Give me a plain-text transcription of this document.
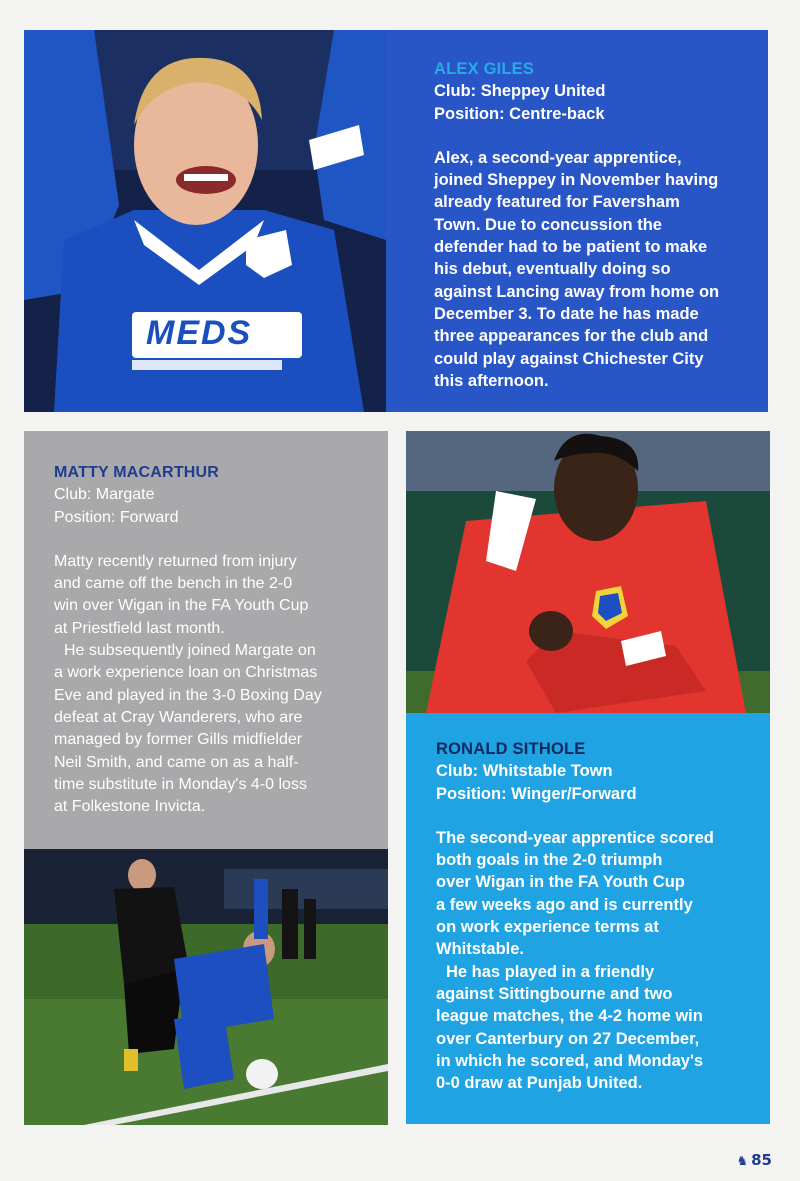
MEDS

ALEX GILES

Club: Sheppey United

Position: Centre-back

Alex, a second-year apprentice,

joined Sheppey in November having

already featured for Faversham

Town. Due to concussion the

defender had to be patient to make

his debut, eventually doing so

against Lancing away from home on

December 3. To date he has made

three appearances for the club and

could play against Chichester City

this afternoon.

MATTY MACARTHUR

Club: Margate

Position: Forward

Matty recently returned from injury

and came off the bench in the 2-0

win over Wigan in the FA Youth Cup

at Priestfield last month.

He subsequently joined Margate on

a work experience loan on Christmas

Eve and played in the 3-0 Boxing Day

defeat at Cray Wanderers, who are

managed by former Gills midfielder

Neil Smith, and came on as a half-

time substitute in Monday's 4-0 loss

at Folkestone Invicta.

RONALD SITHOLE

Club: Whitstable Town

Position: Winger/Forward

The second-year apprentice scored

both goals in the 2-0 triumph

over Wigan in the FA Youth Cup

a few weeks ago and is currently

on work experience terms at

Whitstable.

He has played in a friendly

against Sittingbourne and two

league matches, the 4-2 home win

over Canterbury on 27 December,

in which he scored, and Monday's

0-0 draw at Punjab United.

♞ 85
